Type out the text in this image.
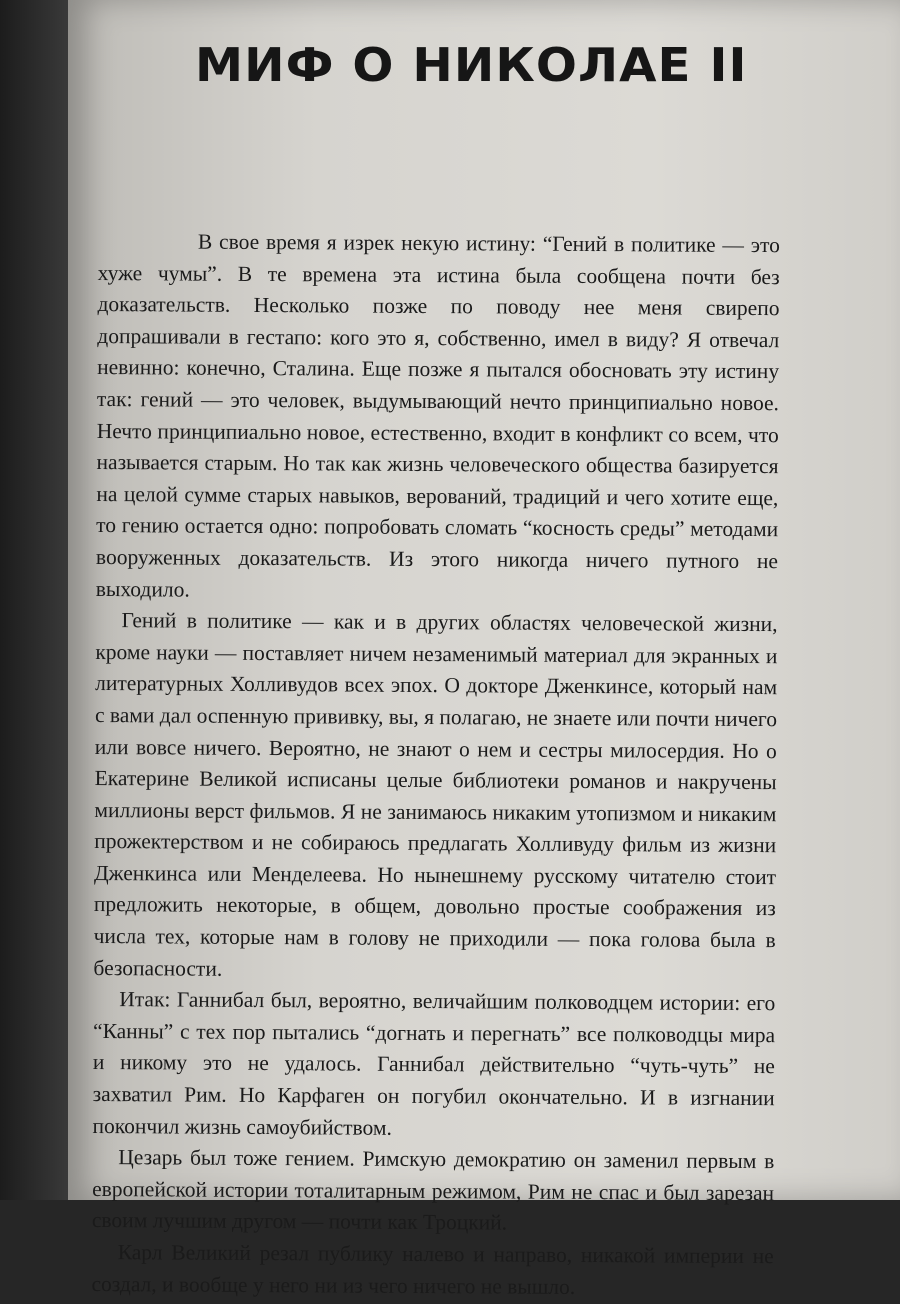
МИФ О НИКОЛАЕ II

В свое время я изрек некую истину: “Гений в политике — это хуже чумы”. В те времена эта истина была сообщена почти без доказательств. Несколько позже по поводу нее меня свирепо допрашивали в гестапо: кого это я, собственно, имел в виду? Я отвечал невинно: конечно, Сталина. Еще позже я пытался обосновать эту истину так: гений — это человек, выдумывающий нечто принципиально новое. Нечто принципиально новое, естественно, входит в конфликт со всем, что называется старым. Но так как жизнь человеческого общества базируется на целой сумме старых навыков, верований, традиций и чего хотите еще, то гению остается одно: попробовать сломать “косность среды” методами вооруженных доказательств. Из этого никогда ничего путного не выходило.

Гений в политике — как и в других областях человеческой жизни, кроме науки — поставляет ничем незаменимый материал для экранных и литературных Холливудов всех эпох. О докторе Дженкинсе, который нам с вами дал оспенную прививку, вы, я полагаю, не знаете или почти ничего или вовсе ничего. Вероятно, не знают о нем и сестры милосердия. Но о Екатерине Великой исписаны целые библиотеки романов и накручены миллионы верст фильмов. Я не занимаюсь никаким утопизмом и никаким прожектерством и не собираюсь предлагать Холливуду фильм из жизни Дженкинса или Менделеева. Но нынешнему русскому читателю стоит предложить некоторые, в общем, довольно простые соображения из числа тех, которые нам в голову не приходили — пока голова была в безопасности.

Итак: Ганнибал был, вероятно, величайшим полководцем истории: его “Канны” с тех пор пытались “догнать и перегнать” все полководцы мира и никому это не удалось. Ганнибал действительно “чуть-чуть” не захватил Рим. Но Карфаген он погубил окончательно. И в изгнании покончил жизнь самоубийством.

Цезарь был тоже гением. Римскую демократию он заменил первым в европейской истории тоталитарным режимом, Рим не спас и был зарезан своим лучшим другом — почти как Троцкий.

Карл Великий резал публику налево и направо, никакой империи не создал, и вообще у него ни из чего ничего не вышло.
